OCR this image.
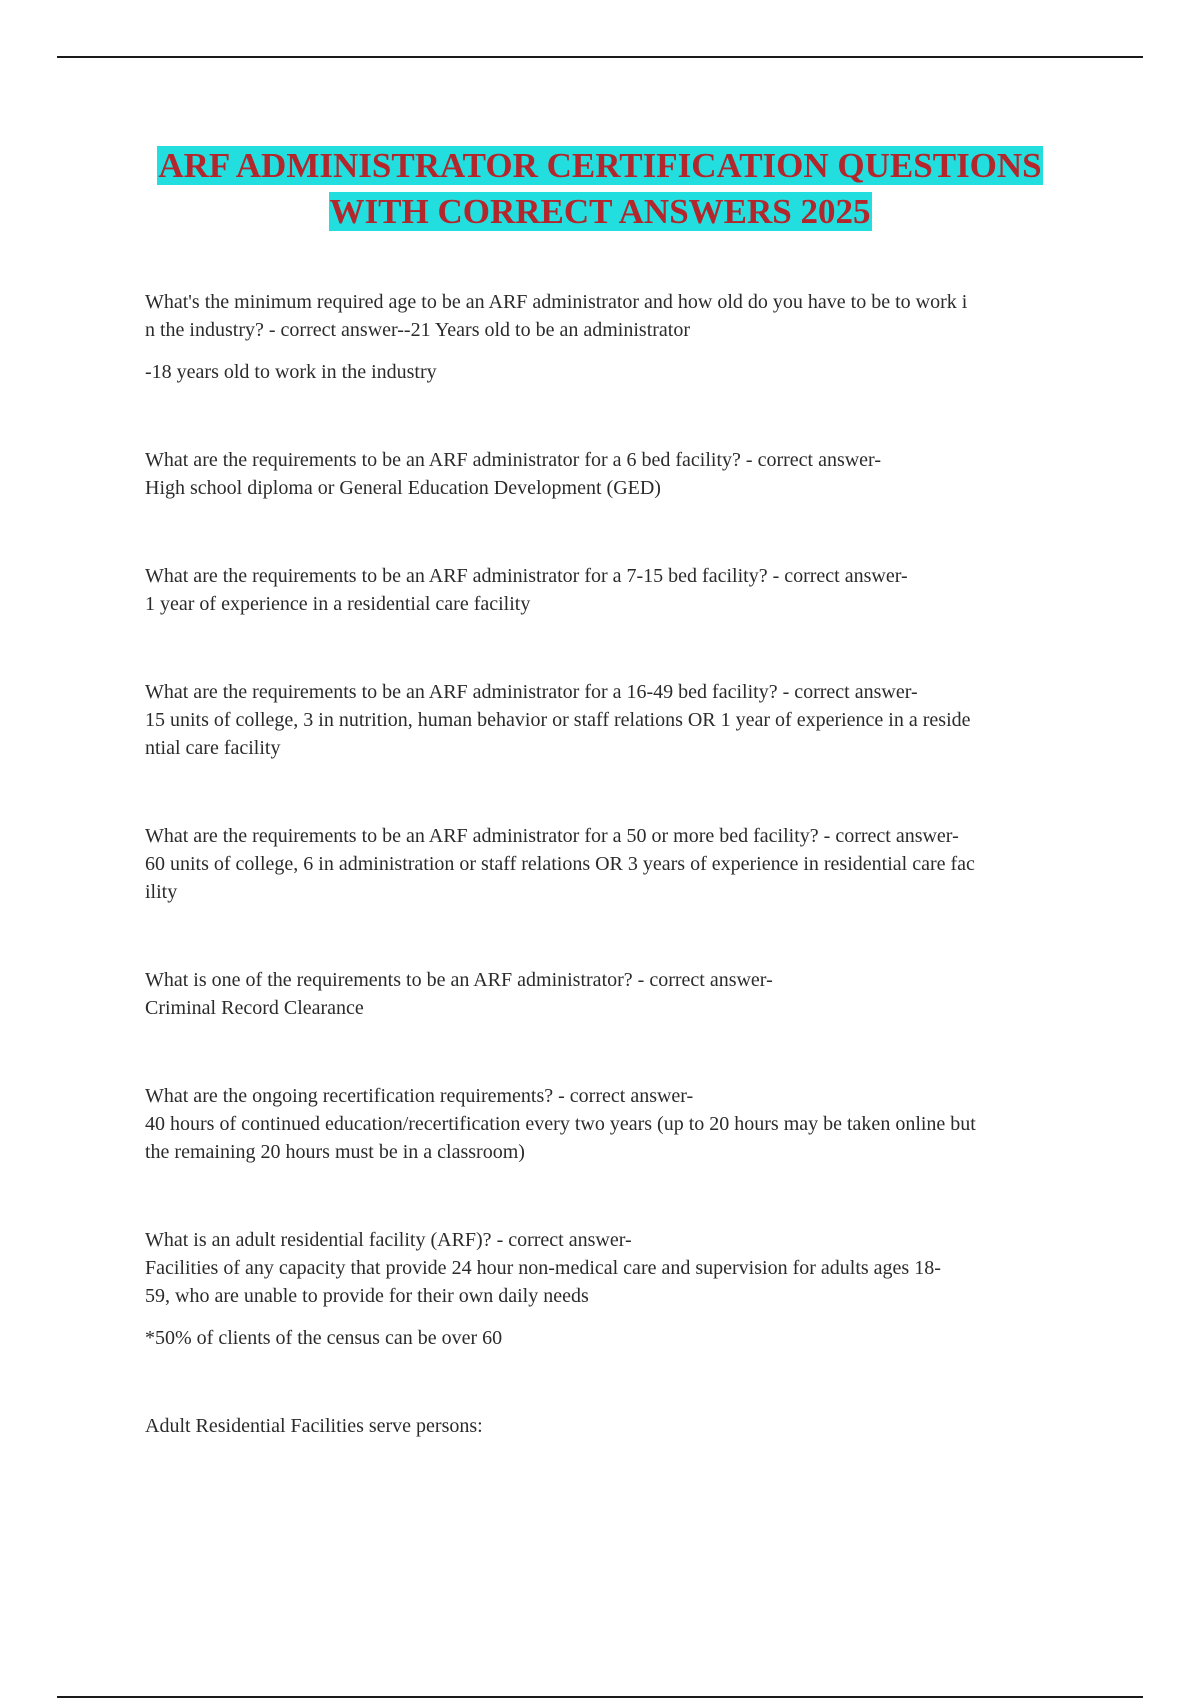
ARF ADMINISTRATOR CERTIFICATION QUESTIONS
WITH CORRECT ANSWERS 2025

What's the minimum required age to be an ARF administrator and how old do you have to be to work i

n the industry? - correct answer--21 Years old to be an administrator

-18 years old to work in the industry

What are the requirements to be an ARF administrator for a 6 bed facility? - correct answer-

High school diploma or General Education Development (GED)

What are the requirements to be an ARF administrator for a 7-15 bed facility? - correct answer-

1 year of experience in a residential care facility

What are the requirements to be an ARF administrator for a 16-49 bed facility? - correct answer-

15 units of college, 3 in nutrition, human behavior or staff relations OR 1 year of experience in a reside

ntial care facility

What are the requirements to be an ARF administrator for a 50 or more bed facility? - correct answer-

60 units of college, 6 in administration or staff relations OR 3 years of experience in residential care fac

ility

What is one of the requirements to be an ARF administrator? - correct answer-

Criminal Record Clearance

What are the ongoing recertification requirements? - correct answer-

40 hours of continued education/recertification every two years (up to 20 hours may be taken online but

the remaining 20 hours must be in a classroom)

What is an adult residential facility (ARF)? - correct answer-

Facilities of any capacity that provide 24 hour non-medical care and supervision for adults ages 18-

59, who are unable to provide for their own daily needs

*50% of clients of the census can be over 60

Adult Residential Facilities serve persons:
